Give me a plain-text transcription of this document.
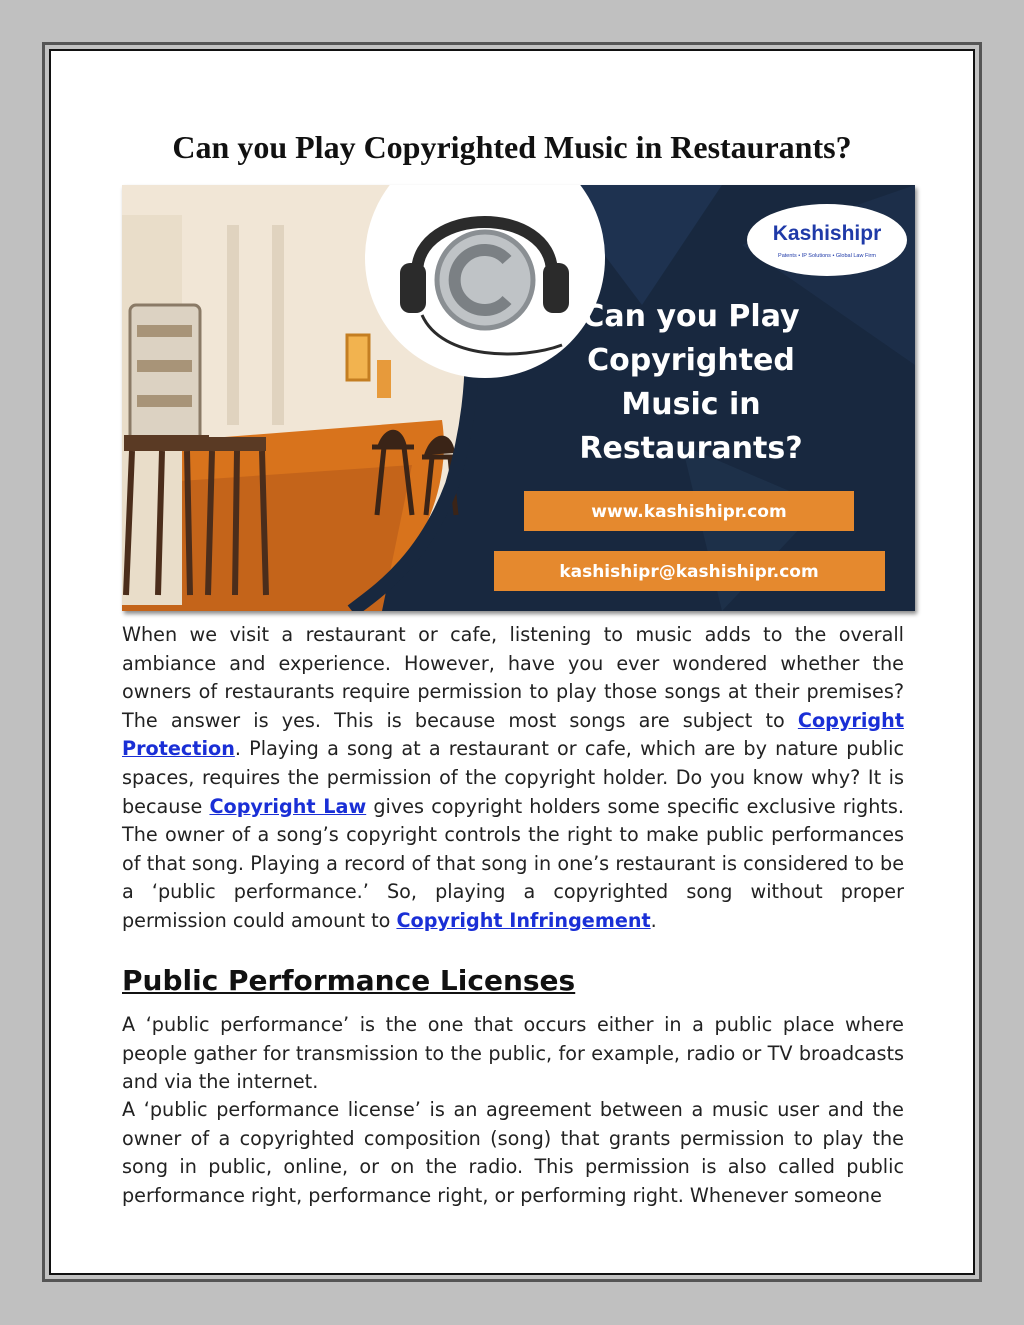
Can you Play Copyrighted Music in Restaurants?
Kashishipr
Patents • IP Solutions • Global Law Firm
Can you Play
Copyrighted
Music in
Restaurants?
www.kashishipr.com
kashishipr@kashishipr.com

When we visit a restaurant or cafe, listening to music adds to the overall ambiance and experience. However, have you ever wondered whether the owners of restaurants require permission to play those songs at their premises? The answer is yes. This is because most songs are subject to Copyright Protection. Playing a song at a restaurant or cafe, which are by nature public spaces, requires the permission of the copyright holder. Do you know why? It is because Copyright Law gives copyright holders some specific exclusive rights. The owner of a song’s copyright controls the right to make public performances of that song. Playing a record of that song in one’s restaurant is considered to be a ‘public performance.’ So, playing a copyrighted song without proper permission could amount to Copyright Infringement.

Public Performance Licenses

A ‘public performance’ is the one that occurs either in a public place where people gather for transmission to the public, for example, radio or TV broadcasts and via the internet.

A ‘public performance license’ is an agreement between a music user and the owner of a copyrighted composition (song) that grants permission to play the song in public, online, or on the radio. This permission is also called public performance right, performance right, or performing right. Whenever someone
